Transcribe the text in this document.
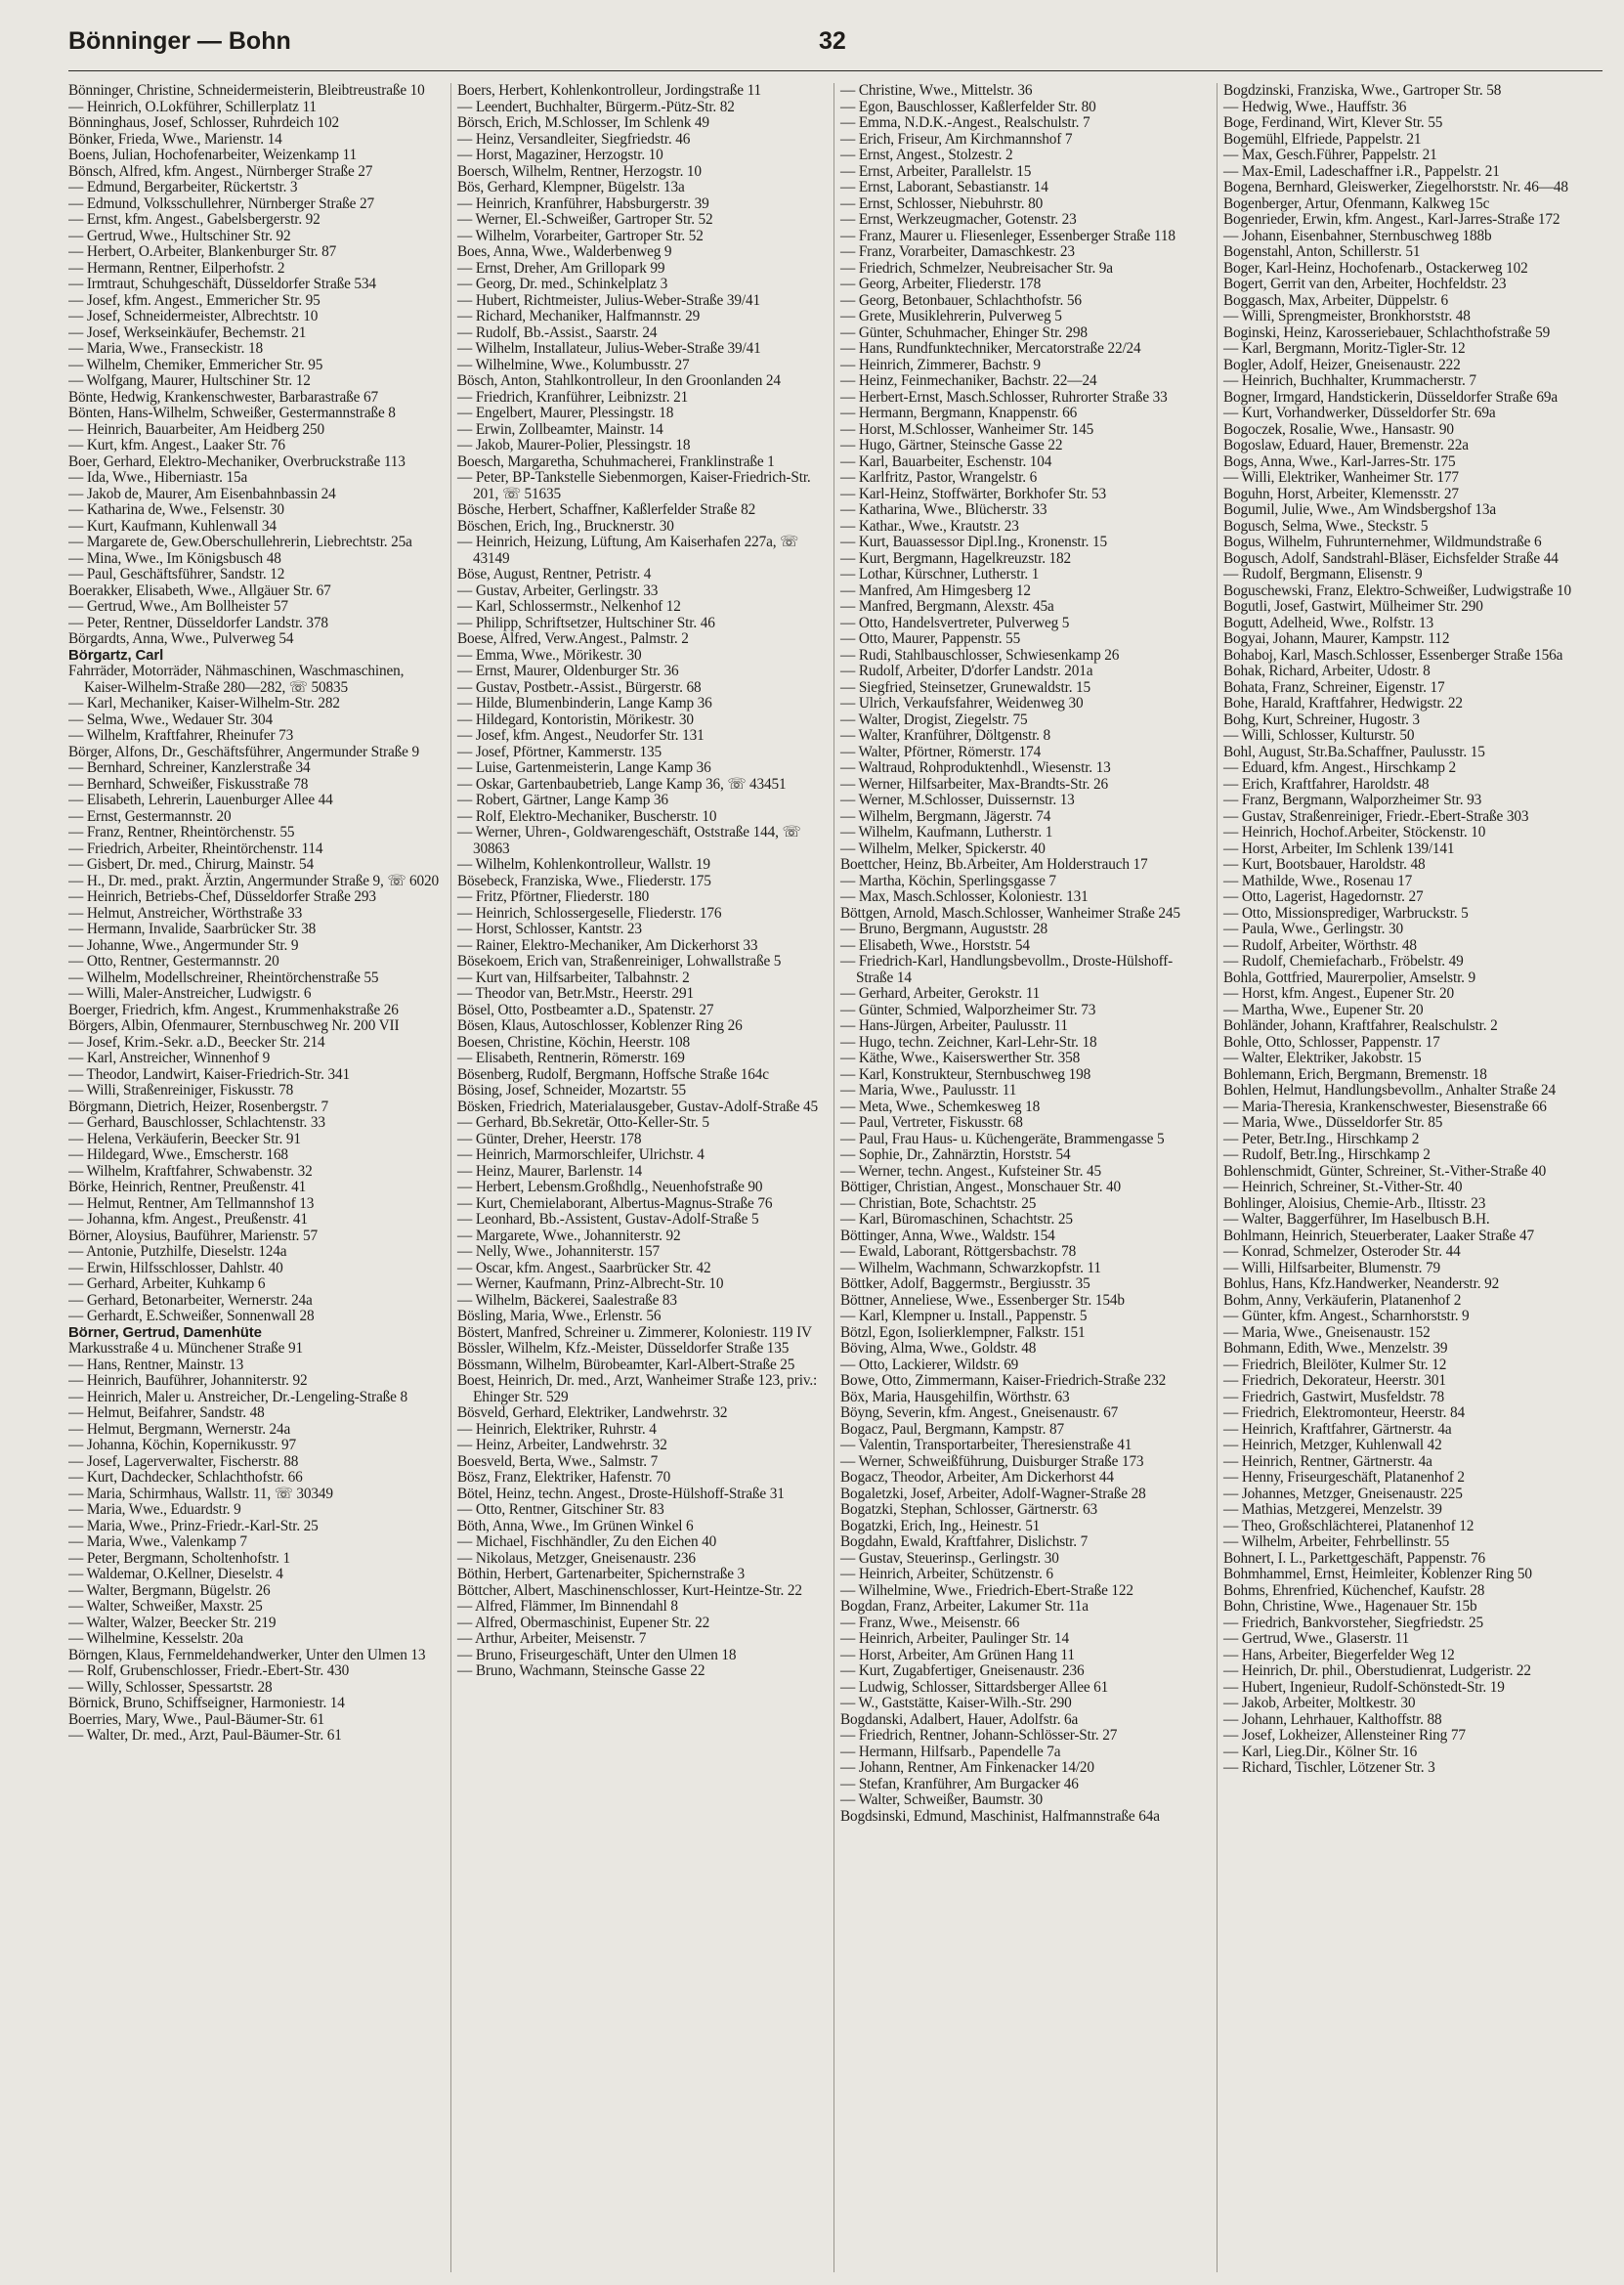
Bönninger — Bohn	32
Bönninger, Christine, Schneidermeisterin, Bleibtreustraße 10
— Heinrich, O.Lokführer, Schillerplatz 11
Bönninghaus, Josef, Schlosser, Ruhrdeich 102
Bönker, Frieda, Wwe., Marienstr. 14
Boens, Julian, Hochofenarbeiter, Weizenkamp 11
Bönsch, Alfred, kfm. Angest., Nürnberger Straße 27
— Edmund, Bergarbeiter, Rückertstr. 3
— Edmund, Volksschullehrer, Nürnberger Straße 27
— Ernst, kfm. Angest., Gabelsbergerstr. 92
— Gertrud, Wwe., Hultschiner Str. 92
— Herbert, O.Arbeiter, Blankenburger Str. 87
— Hermann, Rentner, Eilperhofstr. 2
— Irmtraut, Schuhgeschäft, Düsseldorfer Straße 534
— Josef, kfm. Angest., Emmericher Str. 95
— Josef, Schneidermeister, Albrechtstr. 10
— Josef, Werkseinkäufer, Bechemstr. 21
— Maria, Wwe., Franseckistr. 18
— Wilhelm, Chemiker, Emmericher Str. 95
— Wolfgang, Maurer, Hultschiner Str. 12
Bönte, Hedwig, Krankenschwester, Barbarastraße 67
Bönten, Hans-Wilhelm, Schweißer, Gestermannstraße 8
— Heinrich, Bauarbeiter, Am Heidberg 250
— Kurt, kfm. Angest., Laaker Str. 76
Boer, Gerhard, Elektro-Mechaniker, Overbruckstraße 113
— Ida, Wwe., Hiberniastr. 15a
— Jakob de, Maurer, Am Eisenbahnbassin 24
— Katharina de, Wwe., Felsenstr. 30
— Kurt, Kaufmann, Kuhlenwall 34
— Margarete de, Gew.Oberschullehrerin, Liebrechtstr. 25a
— Mina, Wwe., Im Königsbusch 48
— Paul, Geschäftsführer, Sandstr. 12
Boerakker, Elisabeth, Wwe., Allgäuer Str. 67
— Gertrud, Wwe., Am Bollheister 57
— Peter, Rentner, Düsseldorfer Landstr. 378
Börgardts, Anna, Wwe., Pulverweg 54
Börgartz, Carl
Fahrräder, Motorräder, Nähmaschinen, Waschmaschinen, Kaiser-Wilhelm-Straße 280—282, ☏ 50835
— Karl, Mechaniker, Kaiser-Wilhelm-Str. 282
— Selma, Wwe., Wedauer Str. 304
— Wilhelm, Kraftfahrer, Rheinufer 73
Börger, Alfons, Dr., Geschäftsführer, Angermunder Straße 9
— Bernhard, Schreiner, Kanzlerstraße 34
— Bernhard, Schweißer, Fiskusstraße 78
— Elisabeth, Lehrerin, Lauenburger Allee 44
— Ernst, Gestermannstr. 20
— Franz, Rentner, Rheintörchenstr. 55
— Friedrich, Arbeiter, Rheintörchenstr. 114
— Gisbert, Dr. med., Chirurg, Mainstr. 54
— H., Dr. med., prakt. Ärztin, Angermunder Straße 9, ☏ 6020
— Heinrich, Betriebs-Chef, Düsseldorfer Straße 293
— Helmut, Anstreicher, Wörthstraße 33
— Hermann, Invalide, Saarbrücker Str. 38
— Johanne, Wwe., Angermunder Str. 9
— Otto, Rentner, Gestermannstr. 20
— Wilhelm, Modellschreiner, Rheintörchenstraße 55
— Willi, Maler-Anstreicher, Ludwigstr. 6
Boerger, Friedrich, kfm. Angest., Krummenhakstraße 26
Börgers, Albin, Ofenmaurer, Sternbuschweg Nr. 200 VII
— Josef, Krim.-Sekr. a.D., Beecker Str. 214
— Karl, Anstreicher, Winnenhof 9
— Theodor, Landwirt, Kaiser-Friedrich-Str. 341
— Willi, Straßenreiniger, Fiskusstr. 78
Börgmann, Dietrich, Heizer, Rosenbergstr. 7
— Gerhard, Bauschlosser, Schlachtenstr. 33
— Helena, Verkäuferin, Beecker Str. 91
— Hildegard, Wwe., Emscherstr. 168
— Wilhelm, Kraftfahrer, Schwabenstr. 32
Börke, Heinrich, Rentner, Preußenstr. 41
— Helmut, Rentner, Am Tellmannshof 13
— Johanna, kfm. Angest., Preußenstr. 41
Börner, Aloysius, Bauführer, Marienstr. 57
— Antonie, Putzhilfe, Dieselstr. 124a
— Erwin, Hilfsschlosser, Dahlstr. 40
— Gerhard, Arbeiter, Kuhkamp 6
— Gerhard, Betonarbeiter, Wernerstr. 24a
— Gerhardt, E.Schweißer, Sonnenwall 28
Börner, Gertrud, Damenhüte
Markusstraße 4 u. Münchener Straße 91
— Hans, Rentner, Mainstr. 13
— Heinrich, Bauführer, Johanniterstr. 92
— Heinrich, Maler u. Anstreicher, Dr.-Lengeling-Straße 8
— Helmut, Beifahrer, Sandstr. 48
— Helmut, Bergmann, Wernerstr. 24a
— Johanna, Köchin, Kopernikusstr. 97
— Josef, Lagerverwalter, Fischerstr. 88
— Kurt, Dachdecker, Schlachthofstr. 66
— Maria, Schirmhaus, Wallstr. 11, ☏ 30349
— Maria, Wwe., Eduardstr. 9
— Maria, Wwe., Prinz-Friedr.-Karl-Str. 25
— Maria, Wwe., Valenkamp 7
— Peter, Bergmann, Scholtenhofstr. 1
— Waldemar, O.Kellner, Dieselstr. 4
— Walter, Bergmann, Bügelstr. 26
— Walter, Schweißer, Maxstr. 25
— Walter, Walzer, Beecker Str. 219
— Wilhelmine, Kesselstr. 20a
Börngen, Klaus, Fernmeldehandwerker, Unter den Ulmen 13
— Rolf, Grubenschlosser, Friedr.-Ebert-Str. 430
— Willy, Schlosser, Spessartstr. 28
Börnick, Bruno, Schiffseigner, Harmoniestr. 14
Boerries, Mary, Wwe., Paul-Bäumer-Str. 61
— Walter, Dr. med., Arzt, Paul-Bäumer-Str. 61
Boers, Herbert, Kohlenkontrolleur, Jordingstraße 11
— Leendert, Buchhalter, Bürgerm.-Pütz-Str. 82
Börsch, Erich, M.Schlosser, Im Schlenk 49
— Heinz, Versandleiter, Siegfriedstr. 46
— Horst, Magaziner, Herzogstr. 10
Boersch, Wilhelm, Rentner, Herzogstr. 10
Bös, Gerhard, Klempner, Bügelstr. 13a
— Heinrich, Kranführer, Habsburgerstr. 39
— Werner, El.-Schweißer, Gartroper Str. 52
— Wilhelm, Vorarbeiter, Gartroper Str. 52
Boes, Anna, Wwe., Walderbenweg 9
— Ernst, Dreher, Am Grillopark 99
— Georg, Dr. med., Schinkelplatz 3
— Hubert, Richtmeister, Julius-Weber-Straße 39/41
— Richard, Mechaniker, Halfmannstr. 29
— Rudolf, Bb.-Assist., Saarstr. 24
— Wilhelm, Installateur, Julius-Weber-Straße 39/41
— Wilhelmine, Wwe., Kolumbusstr. 27
Bösch, Anton, Stahlkontrolleur, In den Groonlanden 24
— Friedrich, Kranführer, Leibnizstr. 21
— Engelbert, Maurer, Plessingstr. 18
— Erwin, Zollbeamter, Mainstr. 14
— Jakob, Maurer-Polier, Plessingstr. 18
Boesch, Margaretha, Schuhmacherei, Franklinstraße 1
— Peter, BP-Tankstelle Siebenmorgen, Kaiser-Friedrich-Str. 201, ☏ 51635
Bösche, Herbert, Schaffner, Kaßlerfelder Straße 82
Böschen, Erich, Ing., Brucknerstr. 30
— Heinrich, Heizung, Lüftung, Am Kaiserhafen 227a, ☏ 43149
Böse, August, Rentner, Petristr. 4
— Gustav, Arbeiter, Gerlingstr. 33
— Karl, Schlossermstr., Nelkenhof 12
— Philipp, Schriftsetzer, Hultschiner Str. 46
Boese, Alfred, Verw.Angest., Palmstr. 2
— Emma, Wwe., Mörikestr. 30
— Ernst, Maurer, Oldenburger Str. 36
— Gustav, Postbetr.-Assist., Bürgerstr. 68
— Hilde, Blumenbinderin, Lange Kamp 36
— Hildegard, Kontoristin, Mörikestr. 30
— Josef, kfm. Angest., Neudorfer Str. 131
— Josef, Pförtner, Kammerstr. 135
— Luise, Gartenmeisterin, Lange Kamp 36
— Oskar, Gartenbaubetrieb, Lange Kamp 36, ☏ 43451
— Robert, Gärtner, Lange Kamp 36
— Rolf, Elektro-Mechaniker, Buscherstr. 10
— Werner, Uhren-, Goldwarengeschäft, Oststraße 144, ☏ 30863
— Wilhelm, Kohlenkontrolleur, Wallstr. 19
Bösebeck, Franziska, Wwe., Fliederstr. 175
— Fritz, Pförtner, Fliederstr. 180
— Heinrich, Schlossergeselle, Fliederstr. 176
— Horst, Schlosser, Kantstr. 23
— Rainer, Elektro-Mechaniker, Am Dickerhorst 33
Bösekoem, Erich van, Straßenreiniger, Lohwallstraße 5
— Kurt van, Hilfsarbeiter, Talbahnstr. 2
— Theodor van, Betr.Mstr., Heerstr. 291
Bösel, Otto, Postbeamter a.D., Spatenstr. 27
Bösen, Klaus, Autoschlosser, Koblenzer Ring 26
Boesen, Christine, Köchin, Heerstr. 108
— Elisabeth, Rentnerin, Römerstr. 169
Bösenberg, Rudolf, Bergmann, Hoffsche Straße 164c
Bösing, Josef, Schneider, Mozartstr. 55
Bösken, Friedrich, Materialausgeber, Gustav-Adolf-Straße 45
— Gerhard, Bb.Sekretär, Otto-Keller-Str. 5
— Günter, Dreher, Heerstr. 178
— Heinrich, Marmorschleifer, Ulrichstr. 4
— Heinz, Maurer, Barlenstr. 14
— Herbert, Lebensm.Großhdlg., Neuenhofstraße 90
— Kurt, Chemielaborant, Albertus-Magnus-Straße 76
— Leonhard, Bb.-Assistent, Gustav-Adolf-Straße 5
— Margarete, Wwe., Johanniterstr. 92
— Nelly, Wwe., Johanniterstr. 157
— Oscar, kfm. Angest., Saarbrücker Str. 42
— Werner, Kaufmann, Prinz-Albrecht-Str. 10
— Wilhelm, Bäckerei, Saalestraße 83
Bösling, Maria, Wwe., Erlenstr. 56
Böstert, Manfred, Schreiner u. Zimmerer, Koloniestr. 119 IV
Bössler, Wilhelm, Kfz.-Meister, Düsseldorfer Straße 135
Bössmann, Wilhelm, Bürobeamter, Karl-Albert-Straße 25
Boest, Heinrich, Dr. med., Arzt, Wanheimer Straße 123, priv.: Ehinger Str. 529
Bösveld, Gerhard, Elektriker, Landwehrstr. 32
— Heinrich, Elektriker, Ruhrstr. 4
— Heinz, Arbeiter, Landwehrstr. 32
Boesveld, Berta, Wwe., Salmstr. 7
Bösz, Franz, Elektriker, Hafenstr. 70
Bötel, Heinz, techn. Angest., Droste-Hülshoff-Straße 31
— Otto, Rentner, Gitschiner Str. 83
Böth, Anna, Wwe., Im Grünen Winkel 6
— Michael, Fischhändler, Zu den Eichen 40
— Nikolaus, Metzger, Gneisenaustr. 236
Böthin, Herbert, Gartenarbeiter, Spichernstraße 3
Böttcher, Albert, Maschinenschlosser, Kurt-Heintze-Str. 22
— Alfred, Flämmer, Im Binnendahl 8
— Alfred, Obermaschinist, Eupener Str. 22
— Arthur, Arbeiter, Meisenstr. 7
— Bruno, Friseurgeschäft, Unter den Ulmen 18
— Bruno, Wachmann, Steinsche Gasse 22
— Christine, Wwe., Mittelstr. 36
— Egon, Bauschlosser, Kaßlerfelder Str. 80
— Emma, N.D.K.-Angest., Realschulstr. 7
— Erich, Friseur, Am Kirchmannshof 7
— Ernst, Angest., Stolzestr. 2
— Ernst, Arbeiter, Parallelstr. 15
— Ernst, Laborant, Sebastianstr. 14
— Ernst, Schlosser, Niebuhrstr. 80
— Ernst, Werkzeugmacher, Gotenstr. 23
— Franz, Maurer u. Fliesenleger, Essenberger Straße 118
— Franz, Vorarbeiter, Damaschkestr. 23
— Friedrich, Schmelzer, Neubreisacher Str. 9a
— Georg, Arbeiter, Fliederstr. 178
— Georg, Betonbauer, Schlachthofstr. 56
— Grete, Musiklehrerin, Pulverweg 5
— Günter, Schuhmacher, Ehinger Str. 298
— Hans, Rundfunktechniker, Mercatorstraße 22/24
— Heinrich, Zimmerer, Bachstr. 9
— Heinz, Feinmechaniker, Bachstr. 22—24
— Herbert-Ernst, Masch.Schlosser, Ruhrorter Straße 33
— Hermann, Bergmann, Knappenstr. 66
— Horst, M.Schlosser, Wanheimer Str. 145
— Hugo, Gärtner, Steinsche Gasse 22
— Karl, Bauarbeiter, Eschenstr. 104
— Karlfritz, Pastor, Wrangelstr. 6
— Karl-Heinz, Stoffwärter, Borkhofer Str. 53
— Katharina, Wwe., Blücherstr. 33
— Kathar., Wwe., Krautstr. 23
— Kurt, Bauassessor Dipl.Ing., Kronenstr. 15
— Kurt, Bergmann, Hagelkreuzstr. 182
— Lothar, Kürschner, Lutherstr. 1
— Manfred, Am Himgesberg 12
— Manfred, Bergmann, Alexstr. 45a
— Otto, Handelsvertreter, Pulverweg 5
— Otto, Maurer, Pappenstr. 55
— Rudi, Stahlbauschlosser, Schwiesenkamp 26
— Rudolf, Arbeiter, D'dorfer Landstr. 201a
— Siegfried, Steinsetzer, Grunewaldstr. 15
— Ulrich, Verkaufsfahrer, Weidenweg 30
— Walter, Drogist, Ziegelstr. 75
— Walter, Kranführer, Döltgenstr. 8
— Walter, Pförtner, Römerstr. 174
— Waltraud, Rohproduktenhdl., Wiesenstr. 13
— Werner, Hilfsarbeiter, Max-Brandts-Str. 26
— Werner, M.Schlosser, Duissernstr. 13
— Wilhelm, Bergmann, Jägerstr. 74
— Wilhelm, Kaufmann, Lutherstr. 1
— Wilhelm, Melker, Spickerstr. 40
Boettcher, Heinz, Bb.Arbeiter, Am Holderstrauch 17
— Martha, Köchin, Sperlingsgasse 7
— Max, Masch.Schlosser, Koloniestr. 131
Böttgen, Arnold, Masch.Schlosser, Wanheimer Straße 245
— Bruno, Bergmann, Auguststr. 28
— Elisabeth, Wwe., Horststr. 54
— Friedrich-Karl, Handlungsbevollm., Droste-Hülshoff-Straße 14
— Gerhard, Arbeiter, Gerokstr. 11
— Günter, Schmied, Walporzheimer Str. 73
— Hans-Jürgen, Arbeiter, Paulusstr. 11
— Hugo, techn. Zeichner, Karl-Lehr-Str. 18
— Käthe, Wwe., Kaiserswerther Str. 358
— Karl, Konstrukteur, Sternbuschweg 198
— Maria, Wwe., Paulusstr. 11
— Meta, Wwe., Schemkesweg 18
— Paul, Vertreter, Fiskusstr. 68
— Paul, Frau Haus- u. Küchengeräte, Brammengasse 5
— Sophie, Dr., Zahnärztin, Horststr. 54
— Werner, techn. Angest., Kufsteiner Str. 45
Böttiger, Christian, Angest., Monschauer Str. 40
— Christian, Bote, Schachtstr. 25
— Karl, Büromaschinen, Schachtstr. 25
Böttinger, Anna, Wwe., Waldstr. 154
— Ewald, Laborant, Röttgersbachstr. 78
— Wilhelm, Wachmann, Schwarzkopfstr. 11
Böttker, Adolf, Baggermstr., Bergiusstr. 35
Böttner, Anneliese, Wwe., Essenberger Str. 154b
— Karl, Klempner u. Install., Pappenstr. 5
Bötzl, Egon, Isolierklempner, Falkstr. 151
Böving, Alma, Wwe., Goldstr. 48
— Otto, Lackierer, Wildstr. 69
Bowe, Otto, Zimmermann, Kaiser-Friedrich-Straße 232
Böx, Maria, Hausgehilfin, Wörthstr. 63
Böyng, Severin, kfm. Angest., Gneisenaustr. 67
Bogacz, Paul, Bergmann, Kampstr. 87
— Valentin, Transportarbeiter, Theresienstraße 41
— Werner, Schweißführung, Duisburger Straße 173
Bogacz, Theodor, Arbeiter, Am Dickerhorst 44
Bogaletzki, Josef, Arbeiter, Adolf-Wagner-Straße 28
Bogatzki, Stephan, Schlosser, Gärtnerstr. 63
Bogatzki, Erich, Ing., Heinestr. 51
Bogdahn, Ewald, Kraftfahrer, Dislichstr. 7
— Gustav, Steuerinsp., Gerlingstr. 30
— Heinrich, Arbeiter, Schützenstr. 6
— Wilhelmine, Wwe., Friedrich-Ebert-Straße 122
Bogdan, Franz, Arbeiter, Lakumer Str. 11a
— Franz, Wwe., Meisenstr. 66
— Heinrich, Arbeiter, Paulinger Str. 14
— Horst, Arbeiter, Am Grünen Hang 11
— Kurt, Zugabfertiger, Gneisenaustr. 236
— Ludwig, Schlosser, Sittardsberger Allee 61
— W., Gaststätte, Kaiser-Wilh.-Str. 290
Bogdanski, Adalbert, Hauer, Adolfstr. 6a
— Friedrich, Rentner, Johann-Schlösser-Str. 27
— Hermann, Hilfsarb., Papendelle 7a
— Johann, Rentner, Am Finkenacker 14/20
— Stefan, Kranführer, Am Burgacker 46
— Walter, Schweißer, Baumstr. 30
Bogdsinski, Edmund, Maschinist, Halfmannstraße 64a
Bogdzinski, Franziska, Wwe., Gartroper Str. 58
— Hedwig, Wwe., Hauffstr. 36
Boge, Ferdinand, Wirt, Klever Str. 55
Bogemühl, Elfriede, Pappelstr. 21
— Max, Gesch.Führer, Pappelstr. 21
— Max-Emil, Ladeschaffner i.R., Pappelstr. 21
Bogena, Bernhard, Gleiswerker, Ziegelhorststr. Nr. 46—48
Bogenberger, Artur, Ofenmann, Kalkweg 15c
Bogenrieder, Erwin, kfm. Angest., Karl-Jarres-Straße 172
— Johann, Eisenbahner, Sternbuschweg 188b
Bogenstahl, Anton, Schillerstr. 51
Boger, Karl-Heinz, Hochofenarb., Ostackerweg 102
Bogert, Gerrit van den, Arbeiter, Hochfeldstr. 23
Boggasch, Max, Arbeiter, Düppelstr. 6
— Willi, Sprengmeister, Bronkhorststr. 48
Boginski, Heinz, Karosseriebauer, Schlachthofstraße 59
— Karl, Bergmann, Moritz-Tigler-Str. 12
Bogler, Adolf, Heizer, Gneisenaustr. 222
— Heinrich, Buchhalter, Krummacherstr. 7
Bogner, Irmgard, Handstickerin, Düsseldorfer Straße 69a
— Kurt, Vorhandwerker, Düsseldorfer Str. 69a
Bogoczek, Rosalie, Wwe., Hansastr. 90
Bogoslaw, Eduard, Hauer, Bremenstr. 22a
Bogs, Anna, Wwe., Karl-Jarres-Str. 175
— Willi, Elektriker, Wanheimer Str. 177
Boguhn, Horst, Arbeiter, Klemensstr. 27
Bogumil, Julie, Wwe., Am Windsbergshof 13a
Bogusch, Selma, Wwe., Steckstr. 5
Bogus, Wilhelm, Fuhrunternehmer, Wildmundstraße 6
Bogusch, Adolf, Sandstrahl-Bläser, Eichsfelder Straße 44
— Rudolf, Bergmann, Elisenstr. 9
Boguschewski, Franz, Elektro-Schweißer, Ludwigstraße 10
Bogutli, Josef, Gastwirt, Mülheimer Str. 290
Bogutt, Adelheid, Wwe., Rolfstr. 13
Bogyai, Johann, Maurer, Kampstr. 112
Bohaboj, Karl, Masch.Schlosser, Essenberger Straße 156a
Bohak, Richard, Arbeiter, Udostr. 8
Bohata, Franz, Schreiner, Eigenstr. 17
Bohe, Harald, Kraftfahrer, Hedwigstr. 22
Bohg, Kurt, Schreiner, Hugostr. 3
— Willi, Schlosser, Kulturstr. 50
Bohl, August, Str.Ba.Schaffner, Paulusstr. 15
— Eduard, kfm. Angest., Hirschkamp 2
— Erich, Kraftfahrer, Haroldstr. 48
— Franz, Bergmann, Walporzheimer Str. 93
— Gustav, Straßenreiniger, Friedr.-Ebert-Straße 303
— Heinrich, Hochof.Arbeiter, Stöckenstr. 10
— Horst, Arbeiter, Im Schlenk 139/141
— Kurt, Bootsbauer, Haroldstr. 48
— Mathilde, Wwe., Rosenau 17
— Otto, Lagerist, Hagedornstr. 27
— Otto, Missionsprediger, Warbruckstr. 5
— Paula, Wwe., Gerlingstr. 30
— Rudolf, Arbeiter, Wörthstr. 48
— Rudolf, Chemiefacharb., Fröbelstr. 49
Bohla, Gottfried, Maurerpolier, Amselstr. 9
— Horst, kfm. Angest., Eupener Str. 20
— Martha, Wwe., Eupener Str. 20
Bohländer, Johann, Kraftfahrer, Realschulstr. 2
Bohle, Otto, Schlosser, Pappenstr. 17
— Walter, Elektriker, Jakobstr. 15
Bohlemann, Erich, Bergmann, Bremenstr. 18
Bohlen, Helmut, Handlungsbevollm., Anhalter Straße 24
— Maria-Theresia, Krankenschwester, Biesenstraße 66
— Maria, Wwe., Düsseldorfer Str. 85
— Peter, Betr.Ing., Hirschkamp 2
— Rudolf, Betr.Ing., Hirschkamp 2
Bohlenschmidt, Günter, Schreiner, St.-Vither-Straße 40
— Heinrich, Schreiner, St.-Vither-Str. 40
Bohlinger, Aloisius, Chemie-Arb., Iltisstr. 23
— Walter, Baggerführer, Im Haselbusch B.H.
Bohlmann, Heinrich, Steuerberater, Laaker Straße 47
— Konrad, Schmelzer, Osteroder Str. 44
— Willi, Hilfsarbeiter, Blumenstr. 79
Bohlus, Hans, Kfz.Handwerker, Neanderstr. 92
Bohm, Anny, Verkäuferin, Platanenhof 2
— Günter, kfm. Angest., Scharnhorststr. 9
— Maria, Wwe., Gneisenaustr. 152
Bohmann, Edith, Wwe., Menzelstr. 39
— Friedrich, Bleilöter, Kulmer Str. 12
— Friedrich, Dekorateur, Heerstr. 301
— Friedrich, Gastwirt, Musfeldstr. 78
— Friedrich, Elektromonteur, Heerstr. 84
— Heinrich, Kraftfahrer, Gärtnerstr. 4a
— Heinrich, Metzger, Kuhlenwall 42
— Heinrich, Rentner, Gärtnerstr. 4a
— Henny, Friseurgeschäft, Platanenhof 2
— Johannes, Metzger, Gneisenaustr. 225
— Mathias, Metzgerei, Menzelstr. 39
— Theo, Großschlächterei, Platanenhof 12
— Wilhelm, Arbeiter, Fehrbellinstr. 55
Bohnert, I. L., Parkettgeschäft, Pappenstr. 76
Bohmhammel, Ernst, Heimleiter, Koblenzer Ring 50
Bohms, Ehrenfried, Küchenchef, Kaufstr. 28
Bohn, Christine, Wwe., Hagenauer Str. 15b
— Friedrich, Bankvorsteher, Siegfriedstr. 25
— Gertrud, Wwe., Glaserstr. 11
— Hans, Arbeiter, Biegerfelder Weg 12
— Heinrich, Dr. phil., Oberstudienrat, Ludgeristr. 22
— Hubert, Ingenieur, Rudolf-Schönstedt-Str. 19
— Jakob, Arbeiter, Moltkestr. 30
— Johann, Lehrhauer, Kalthoffstr. 88
— Josef, Lokheizer, Allensteiner Ring 77
— Karl, Lieg.Dir., Kölner Str. 16
— Richard, Tischler, Lötzener Str. 3
